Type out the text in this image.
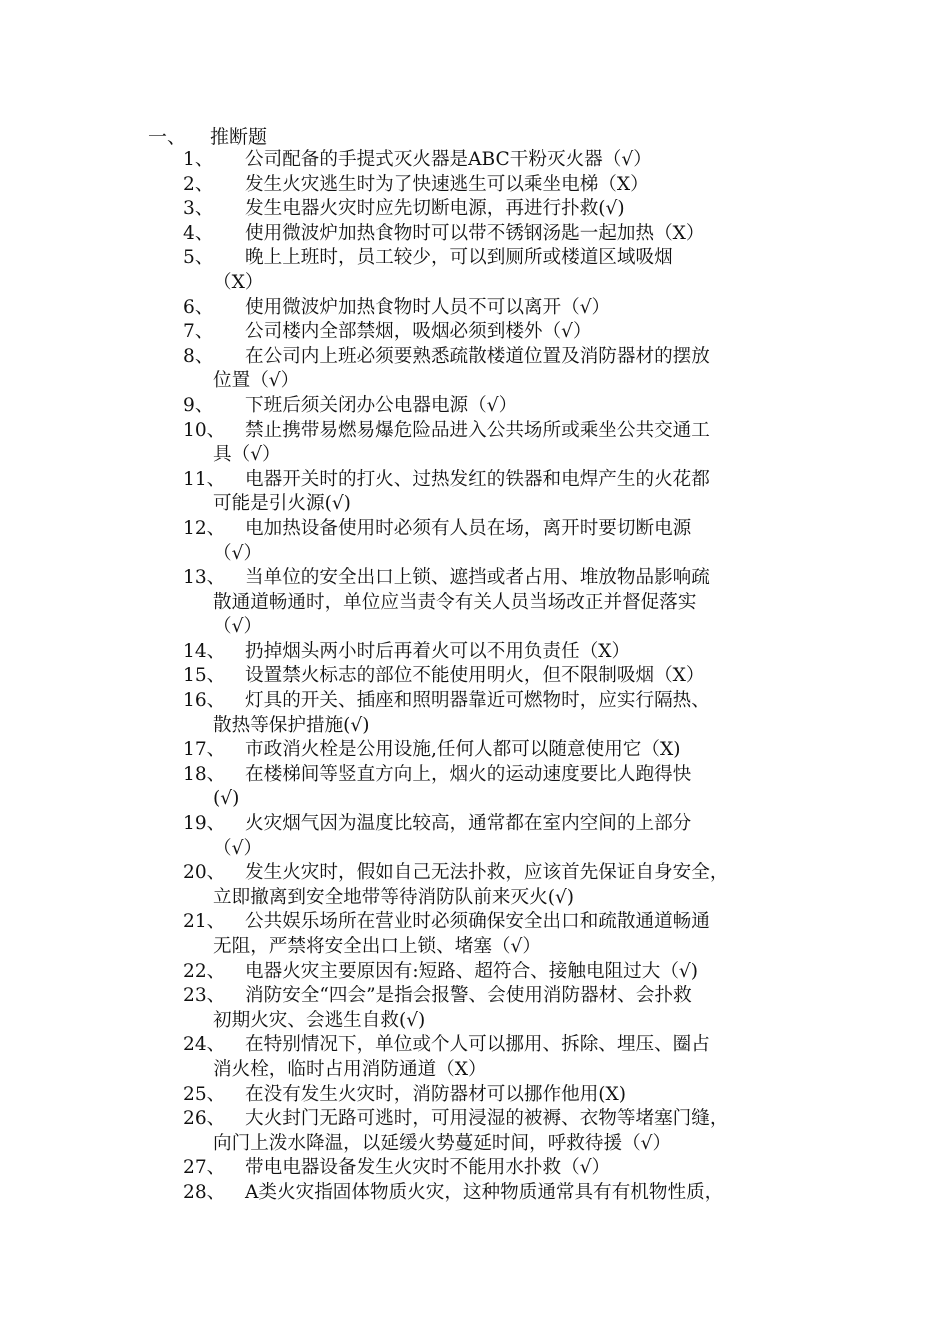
一、 推断题
1、	公司配备的手提式灭火器是ABC干粉灭火器（√）
2、	发生火灾逃生时为了快速逃生可以乘坐电梯（X）
3、	发生电器火灾时应先切断电源，再进行扑救(√)
4、	使用微波炉加热食物时可以带不锈钢汤匙一起加热（X）
5、	晚上上班时，员工较少，可以到厕所或楼道区域吸烟
（X）
6、	使用微波炉加热食物时人员不可以离开（√）
7、	公司楼内全部禁烟，吸烟必须到楼外（√）
8、	在公司内上班必须要熟悉疏散楼道位置及消防器材的摆放
位置（√）
9、	下班后须关闭办公电器电源（√）
10、	禁止携带易燃易爆危险品进入公共场所或乘坐公共交通工
具（√）
11、	电器开关时的打火、过热发红的铁器和电焊产生的火花都
可能是引火源(√)
12、	电加热设备使用时必须有人员在场，离开时要切断电源
（√）
13、	当单位的安全出口上锁、遮挡或者占用、堆放物品影响疏
散通道畅通时，单位应当责令有关人员当场改正并督促落实
（√）
14、	扔掉烟头两小时后再着火可以不用负责任（X）
15、	设置禁火标志的部位不能使用明火，但不限制吸烟（X）
16、	灯具的开关、插座和照明器靠近可燃物时，应实行隔热、
散热等保护措施(√)
17、	市政消火栓是公用设施,任何人都可以随意使用它（X)
18、	在楼梯间等竖直方向上，烟火的运动速度要比人跑得快
(√)
19、	火灾烟气因为温度比较高，通常都在室内空间的上部分
（√）
20、	发生火灾时，假如自己无法扑救，应该首先保证自身安全，
立即撤离到安全地带等待消防队前来灭火(√)
21、	公共娱乐场所在营业时必须确保安全出口和疏散通道畅通
无阻，严禁将安全出口上锁、堵塞（√）
22、	电器火灾主要原因有:短路、超符合、接触电阻过大（√)
23、	消防安全“四会”是指会报警、会使用消防器材、会扑救
初期火灾、会逃生自救(√)
24、	在特别情况下，单位或个人可以挪用、拆除、埋压、圈占
消火栓，临时占用消防通道（X）
25、	在没有发生火灾时，消防器材可以挪作他用(X)
26、	大火封门无路可逃时，可用浸湿的被褥、衣物等堵塞门缝，
向门上泼水降温，以延缓火势蔓延时间，呼救待援（√）
27、	带电电器设备发生火灾时不能用水扑救（√）
28、	A类火灾指固体物质火灾，这种物质通常具有有机物性质，
